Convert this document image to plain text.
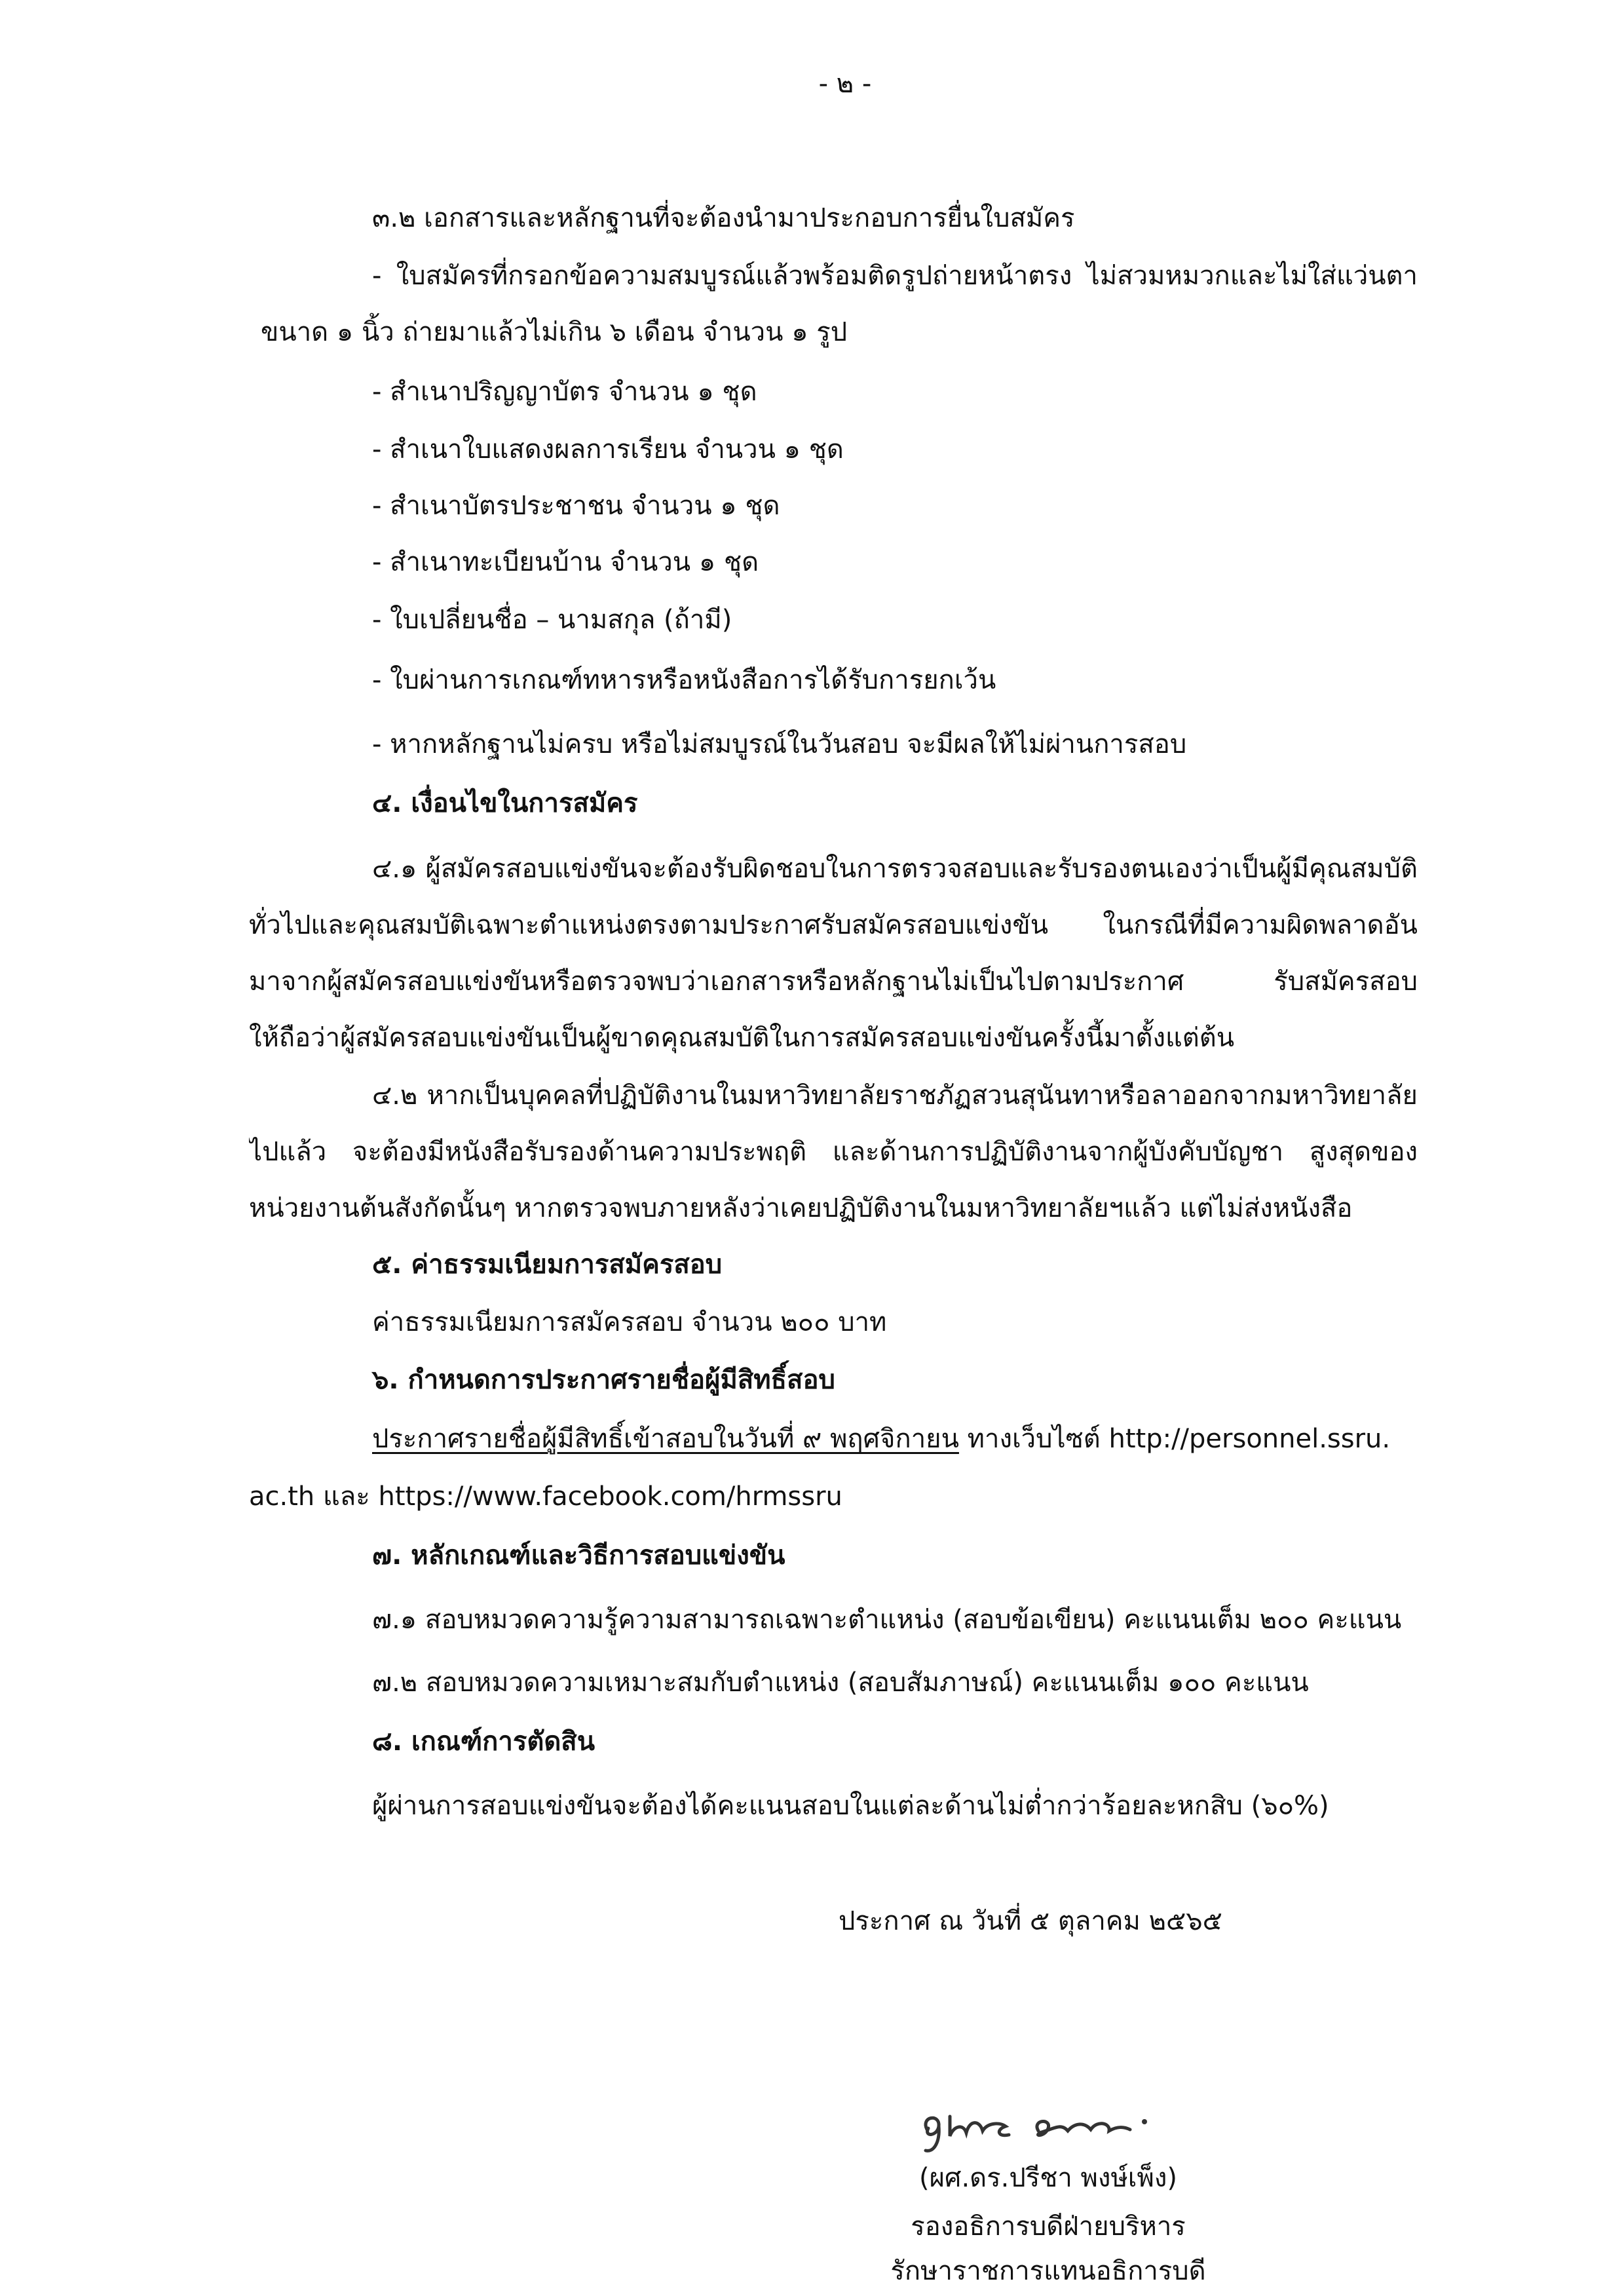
- ๒ -

๓.๒ เอกสารและหลักฐานที่จะต้องนำมาประกอบการยื่นใบสมัคร

- ใบสมัครที่กรอกข้อความสมบูรณ์แล้วพร้อมติดรูปถ่ายหน้าตรง ไม่สวมหมวกและไม่ใส่แว่นตา

ขนาด ๑ นิ้ว ถ่ายมาแล้วไม่เกิน ๖ เดือน จำนวน ๑ รูป

- สำเนาปริญญาบัตร จำนวน ๑ ชุด

- สำเนาใบแสดงผลการเรียน จำนวน ๑ ชุด

- สำเนาบัตรประชาชน จำนวน ๑ ชุด

- สำเนาทะเบียนบ้าน จำนวน ๑ ชุด

- ใบเปลี่ยนชื่อ – นามสกุล (ถ้ามี)

- ใบผ่านการเกณฑ์ทหารหรือหนังสือการได้รับการยกเว้น

- หากหลักฐานไม่ครบ หรือไม่สมบูรณ์ในวันสอบ จะมีผลให้ไม่ผ่านการสอบ

๔. เงื่อนไขในการสมัคร

๔.๑ ผู้สมัครสอบแข่งขันจะต้องรับผิดชอบในการตรวจสอบและรับรองตนเองว่าเป็นผู้มีคุณสมบัติ

ทั่วไปและคุณสมบัติเฉพาะตำแหน่งตรงตามประกาศรับสมัครสอบแข่งขัน ในกรณีที่มีความผิดพลาดอัน

มาจากผู้สมัครสอบแข่งขันหรือตรวจพบว่าเอกสารหรือหลักฐานไม่เป็นไปตามประกาศ รับสมัครสอบ

ให้ถือว่าผู้สมัครสอบแข่งขันเป็นผู้ขาดคุณสมบัติในการสมัครสอบแข่งขันครั้งนี้มาตั้งแต่ต้น

๔.๒ หากเป็นบุคคลที่ปฏิบัติงานในมหาวิทยาลัยราชภัฏสวนสุนันทาหรือลาออกจากมหาวิทยาลัย

ไปแล้ว จะต้องมีหนังสือรับรองด้านความประพฤติ และด้านการปฏิบัติงานจากผู้บังคับบัญชา สูงสุดของ

หน่วยงานต้นสังกัดนั้นๆ หากตรวจพบภายหลังว่าเคยปฏิบัติงานในมหาวิทยาลัยฯแล้ว แต่ไม่ส่งหนังสือ

๕. ค่าธรรมเนียมการสมัครสอบ

ค่าธรรมเนียมการสมัครสอบ จำนวน ๒๐๐ บาท

๖. กำหนดการประกาศรายชื่อผู้มีสิทธิ์สอบ

ประกาศรายชื่อผู้มีสิทธิ์เข้าสอบในวันที่ ๙ พฤศจิกายน ทางเว็บไซต์ http://personnel.ssru.

ac.th และ https://www.facebook.com/hrmssru

๗. หลักเกณฑ์และวิธีการสอบแข่งขัน

๗.๑ สอบหมวดความรู้ความสามารถเฉพาะตำแหน่ง (สอบข้อเขียน) คะแนนเต็ม ๒๐๐ คะแนน

๗.๒ สอบหมวดความเหมาะสมกับตำแหน่ง (สอบสัมภาษณ์) คะแนนเต็ม ๑๐๐ คะแนน

๘. เกณฑ์การตัดสิน

ผู้ผ่านการสอบแข่งขันจะต้องได้คะแนนสอบในแต่ละด้านไม่ต่ำกว่าร้อยละหกสิบ (๖๐%)

ประกาศ ณ วันที่ ๕ ตุลาคม ๒๕๖๕

(ผศ.ดร.ปรีชา พงษ์เพ็ง)

รองอธิการบดีฝ่ายบริหาร

รักษาราชการแทนอธิการบดี
